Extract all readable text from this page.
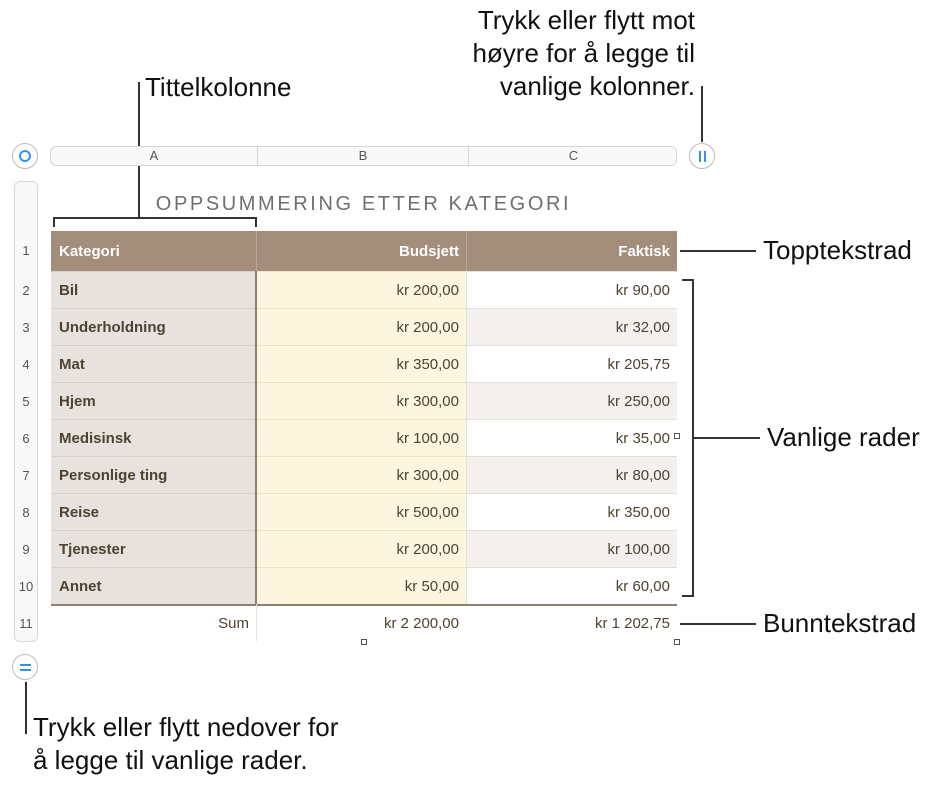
Trykk eller flytt mot
høyre for å legge til
vanlige kolonner.
Tittelkolonne
A	B	C
1
2
3
4
5
6
7
8
9
10
11
OPPSUMMERING ETTER KATEGORI
Kategori	Budsjett	Faktisk
Bil	kr 200,00	kr 90,00
Underholdning	kr 200,00	kr 32,00
Mat	kr 350,00	kr 205,75
Hjem	kr 300,00	kr 250,00
Medisinsk	kr 100,00	kr 35,00
Personlige ting	kr 300,00	kr 80,00
Reise	kr 500,00	kr 350,00
Tjenester	kr 200,00	kr 100,00
Annet	kr 50,00	kr 60,00
Sum	kr 2 200,00	kr 1 202,75
Topptekstrad
Vanlige rader
Bunntekstrad
Trykk eller flytt nedover for
å legge til vanlige rader.
